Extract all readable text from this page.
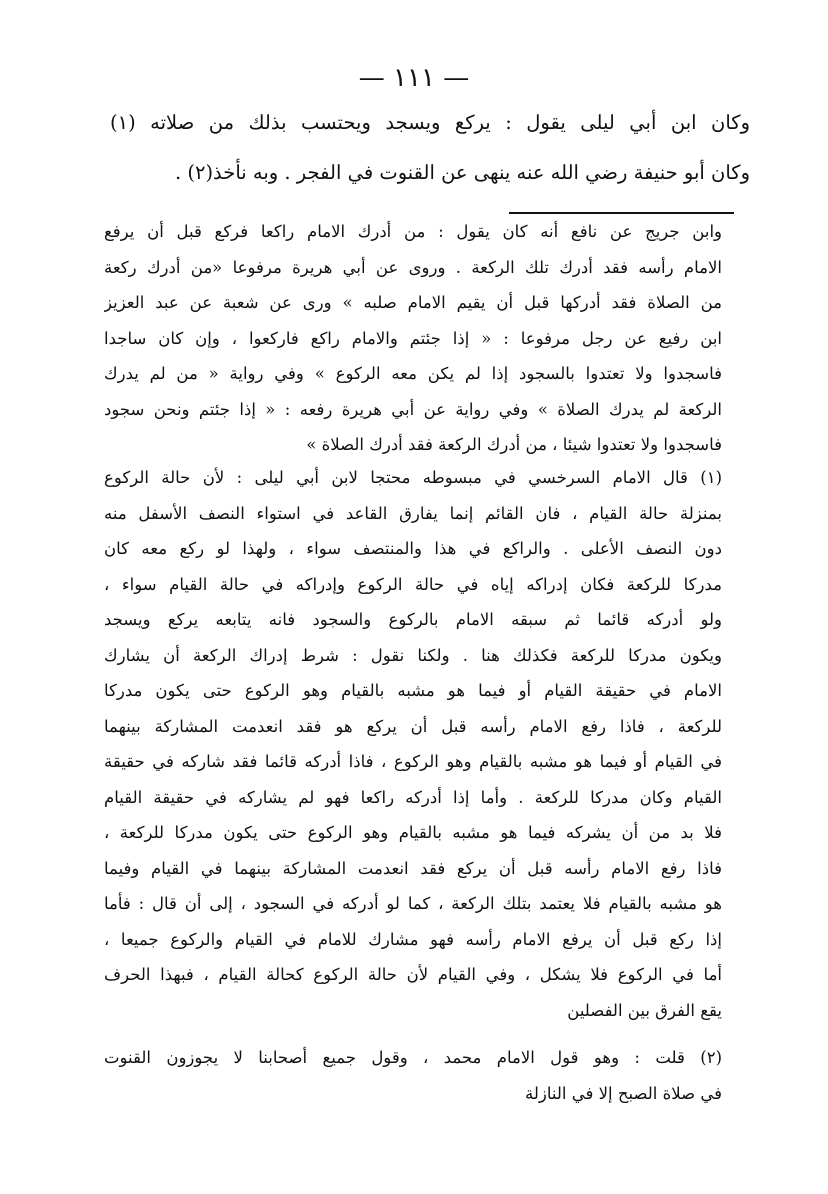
— ١١١ —
وكان ابن أبي ليلى يقول : يركع ويسجد ويحتسب بذلك من صلاته (١)
وكان أبو حنيفة رضي الله عنه ينهى عن القنوت في الفجر . وبه نأخذ(٢) .
وابن جريج عن نافع أنه كان يقول : من أدرك الامام راكعا فركع قبل أن يرفع
الامام رأسه فقد أدرك تلك الركعة . وروى عن أبي هريرة مرفوعا «من أدرك ركعة
من الصلاة فقد أدركها قبل أن يقيم الامام صلبه » ورى عن شعبة عن عبد العزيز
ابن رفيع عن رجل مرفوعا : « إذا جئتم والامام راكع فاركعوا ، وإن كان ساجدا
فاسجدوا ولا تعتدوا بالسجود إذا لم يكن معه الركوع » وفي رواية « من لم يدرك
الركعة لم يدرك الصلاة » وفي رواية عن أبي هريرة رفعه : « إذا جئتم ونحن سجود
فاسجدوا ولا تعتدوا شيئا ، من أدرك الركعة فقد أدرك الصلاة »
(١) قال الامام السرخسي في مبسوطه محتجا لابن أبي ليلى : لأن حالة الركوع
بمنزلة حالة القيام ، فان القائم إنما يفارق القاعد في استواء النصف الأسفل منه
دون النصف الأعلى . والراكع في هذا والمنتصف سواء ، ولهذا لو ركع معه كان
مدركا للركعة فكان إدراكه إياه في حالة الركوع وإدراكه في حالة القيام سواء ،
ولو أدركه قائما ثم سبقه الامام بالركوع والسجود فانه يتابعه يركع ويسجد
ويكون مدركا للركعة فكذلك هنا . ولكنا نقول : شرط إدراك الركعة أن يشارك
الامام في حقيقة القيام أو فيما هو مشبه بالقيام وهو الركوع حتى يكون مدركا
للركعة ، فاذا رفع الامام رأسه قبل أن يركع هو فقد انعدمت المشاركة بينهما
في القيام أو فيما هو مشبه بالقيام وهو الركوع ، فاذا أدركه قائما فقد شاركه في حقيقة
القيام وكان مدركا للركعة . وأما إذا أدركه راكعا فهو لم يشاركه في حقيقة القيام
فلا بد من أن يشركه فيما هو مشبه بالقيام وهو الركوع حتى يكون مدركا للركعة ،
فاذا رفع الامام رأسه قبل أن يركع فقد انعدمت المشاركة بينهما في القيام وفيما
هو مشبه بالقيام فلا يعتمد بتلك الركعة ، كما لو أدركه في السجود ، إلى أن قال : فأما
إذا ركع قبل أن يرفع الامام رأسه فهو مشارك للامام في القيام والركوع جميعا ،
أما في الركوع فلا يشكل ، وفي القيام لأن حالة الركوع كحالة القيام ، فبهذا الحرف
يقع الفرق بين الفصلين
(٢) قلت : وهو قول الامام محمد ، وقول جميع أصحابنا لا يجوزون القنوت
في صلاة الصبح إلا في النازلة
